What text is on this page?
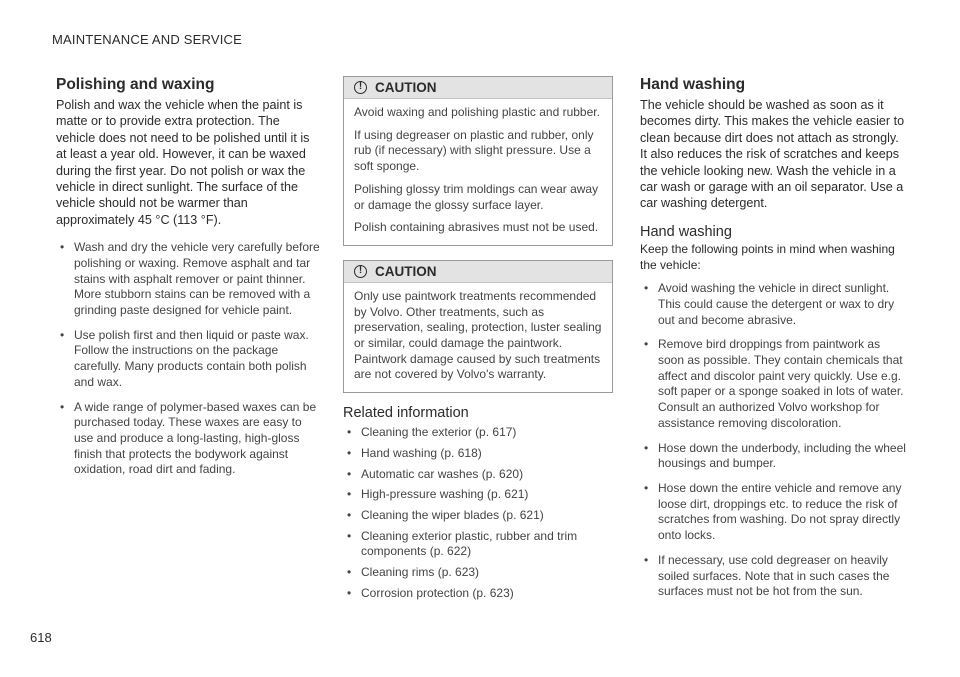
MAINTENANCE AND SERVICE
Polishing and waxing

Polish and wax the vehicle when the paint is matte or to provide extra protection. The vehicle does not need to be polished until it is at least a year old. However, it can be waxed during the first year. Do not polish or wax the vehicle in direct sunlight. The surface of the vehicle should not be warmer than approximately 45 °C (113 °F).

• Wash and dry the vehicle very carefully before polishing or waxing. Remove asphalt and tar stains with asphalt remover or paint thinner. More stubborn stains can be removed with a grinding paste designed for vehicle paint.
• Use polish first and then liquid or paste wax. Follow the instructions on the package carefully. Many products contain both polish and wax.
• A wide range of polymer-based waxes can be purchased today. These waxes are easy to use and produce a long-lasting, high-gloss finish that protects the bodywork against oxidation, road dirt and fading.
! CAUTION

Avoid waxing and polishing plastic and rubber.

If using degreaser on plastic and rubber, only rub (if necessary) with slight pressure. Use a soft sponge.

Polishing glossy trim moldings can wear away or damage the glossy surface layer.

Polish containing abrasives must not be used.

! CAUTION

Only use paintwork treatments recommended by Volvo. Other treatments, such as preservation, sealing, protection, luster sealing or similar, could damage the paintwork. Paintwork damage caused by such treatments are not covered by Volvo's warranty.

Related information
• Cleaning the exterior (p. 617)
• Hand washing (p. 618)
• Automatic car washes (p. 620)
• High-pressure washing (p. 621)
• Cleaning the wiper blades (p. 621)
• Cleaning exterior plastic, rubber and trim components (p. 622)
• Cleaning rims (p. 623)
• Corrosion protection (p. 623)
Hand washing

The vehicle should be washed as soon as it becomes dirty. This makes the vehicle easier to clean because dirt does not attach as strongly. It also reduces the risk of scratches and keeps the vehicle looking new. Wash the vehicle in a car wash or garage with an oil separator. Use a car washing detergent.

Hand washing

Keep the following points in mind when washing the vehicle:

• Avoid washing the vehicle in direct sunlight. This could cause the detergent or wax to dry out and become abrasive.
• Remove bird droppings from paintwork as soon as possible. They contain chemicals that affect and discolor paint very quickly. Use e.g. soft paper or a sponge soaked in lots of water. Consult an authorized Volvo workshop for assistance removing discoloration.
• Hose down the underbody, including the wheel housings and bumper.
• Hose down the entire vehicle and remove any loose dirt, droppings etc. to reduce the risk of scratches from washing. Do not spray directly onto locks.
• If necessary, use cold degreaser on heavily soiled surfaces. Note that in such cases the surfaces must not be hot from the sun.
618
